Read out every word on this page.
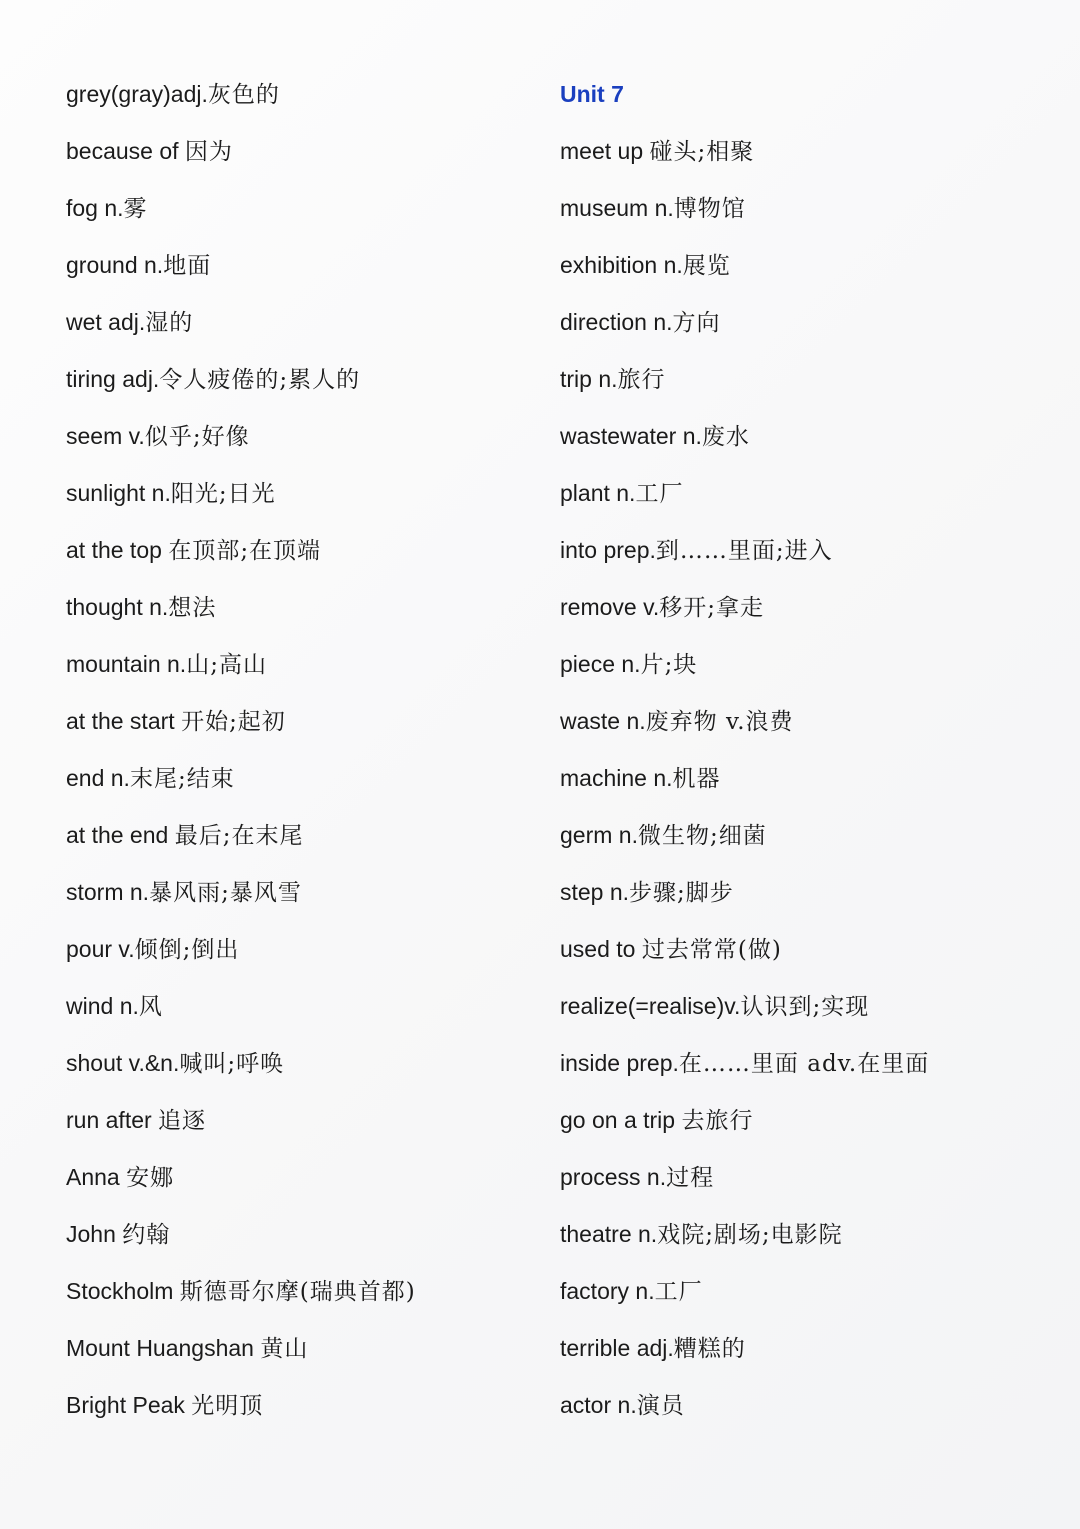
grey(gray)adj.灰色的
because of 因为
fog n.雾
ground n.地面
wet adj.湿的
tiring adj.令人疲倦的;累人的
seem v.似乎;好像
sunlight n.阳光;日光
at the top 在顶部;在顶端
thought n.想法
mountain n.山;高山
at the start 开始;起初
end n.末尾;结束
at the end 最后;在末尾
storm n.暴风雨;暴风雪
pour v.倾倒;倒出
wind n.风
shout v.&n.喊叫;呼唤
run after 追逐
Anna 安娜
John 约翰
Stockholm 斯德哥尔摩(瑞典首都)
Mount Huangshan 黄山
Bright Peak 光明顶
Unit 7
meet up 碰头;相聚
museum n.博物馆
exhibition n.展览
direction n.方向
trip n.旅行
wastewater n.废水
plant n.工厂
into prep.到……里面;进入
remove v.移开;拿走
piece n.片;块
waste n.废弃物 v.浪费
machine n.机器
germ n.微生物;细菌
step n.步骤;脚步
used to 过去常常(做)
realize(=realise)v.认识到;实现
inside prep.在……里面 adv.在里面
go on a trip 去旅行
process n.过程
theatre n.戏院;剧场;电影院
factory n.工厂
terrible adj.糟糕的
actor n.演员
